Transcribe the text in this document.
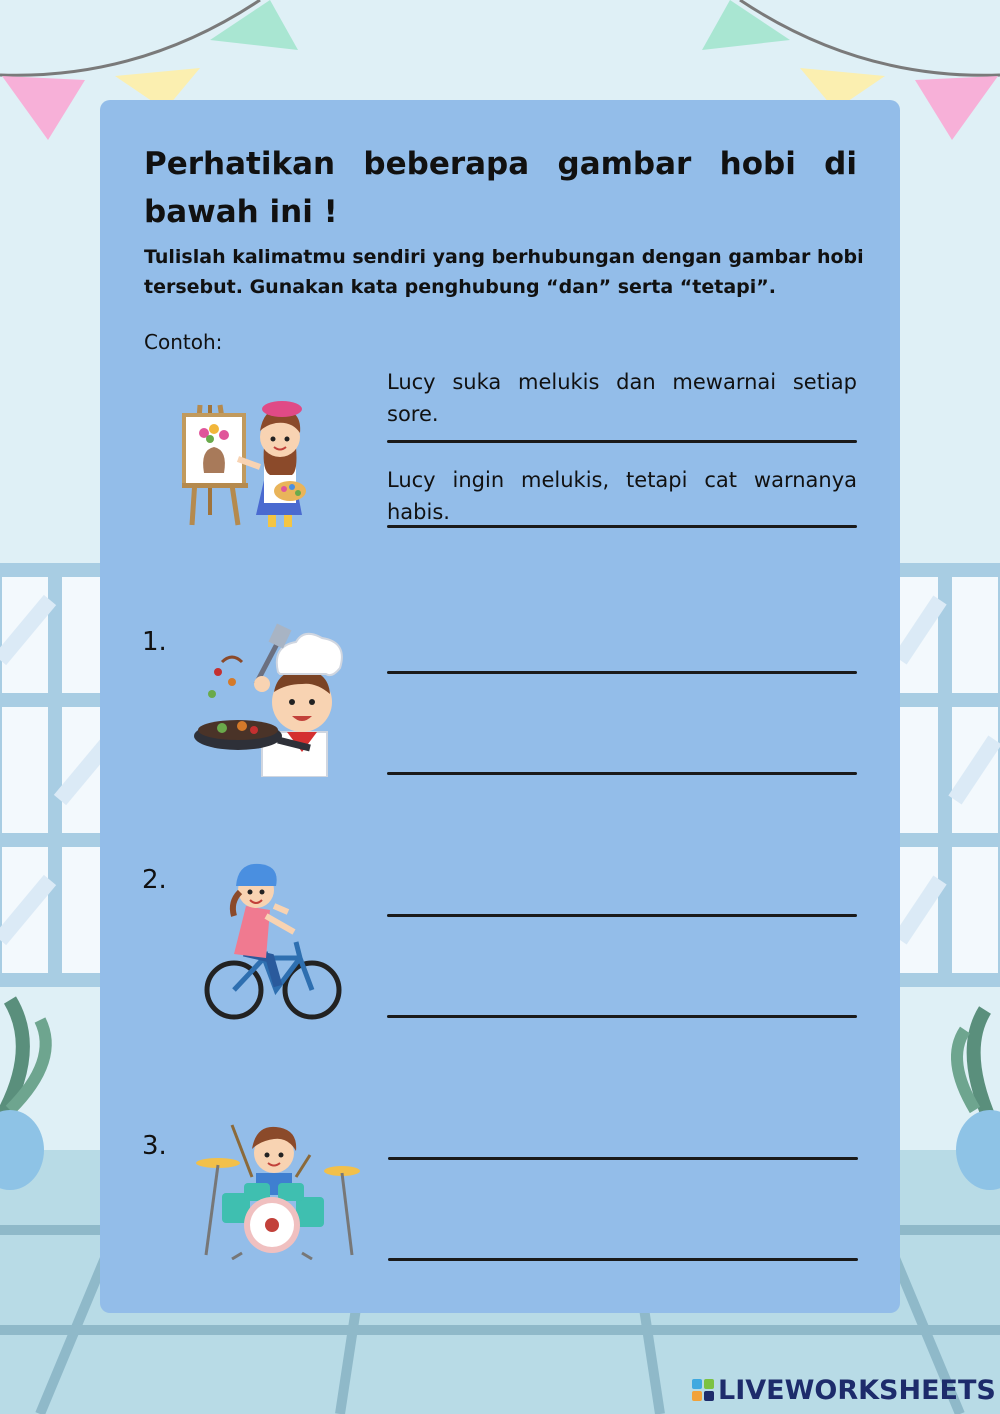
Perhatikan beberapa gambar hobi di bawah ini !

Tulislah kalimatmu sendiri yang berhubungan dengan gambar hobi tersebut. Gunakan kata penghubung “dan” serta “tetapi”.

Contoh:

Lucy suka melukis dan mewarnai setiap sore.

Lucy ingin melukis, tetapi cat warnanya habis.

1.

2.

3.

LIVEWORKSHEETS
